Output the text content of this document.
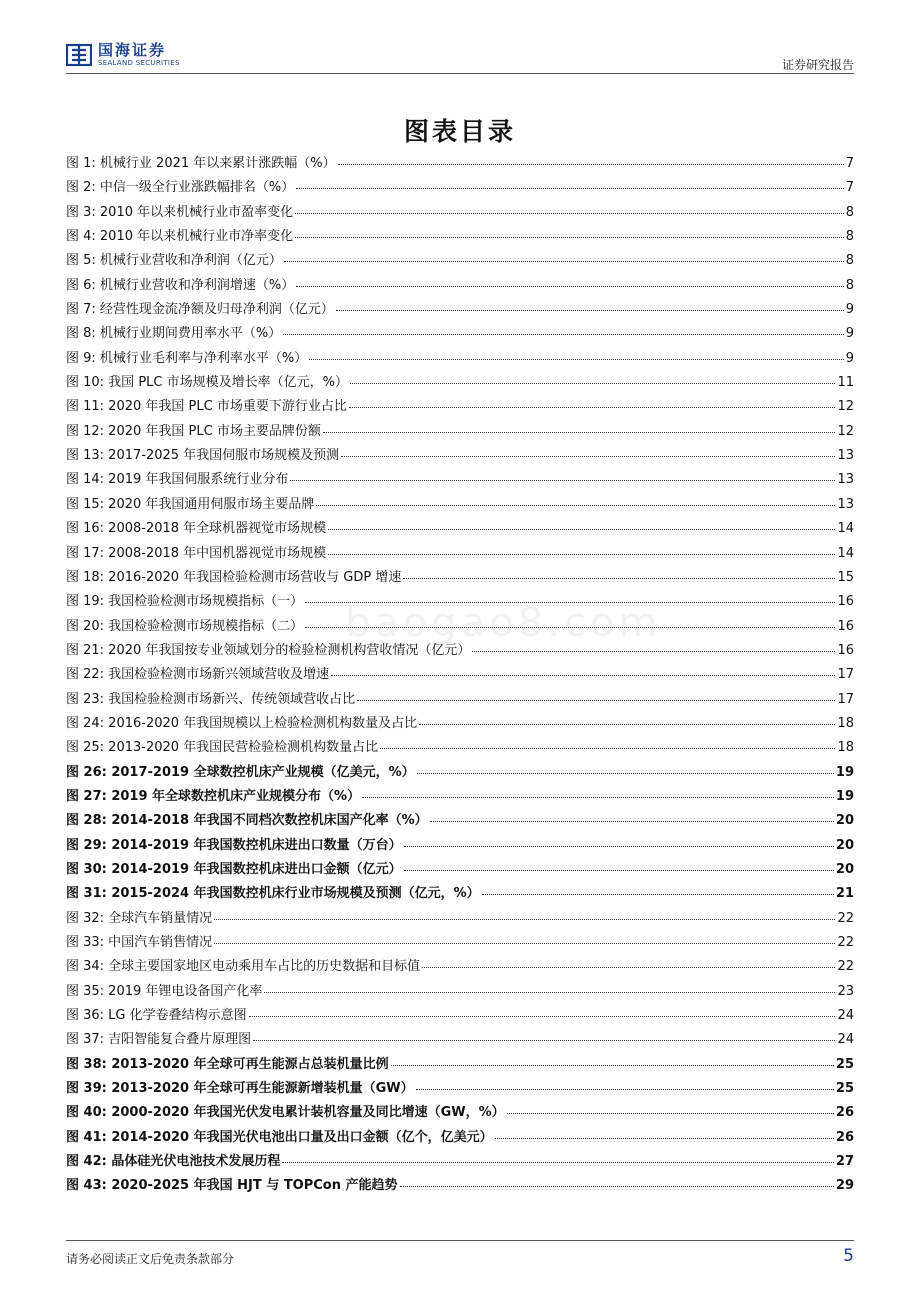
国海证券
SEALAND SECURITIES	证券研究报告
图表目录
baogao8.com
图 1: 机械行业 2021 年以来累计涨跌幅（%）	7
图 2: 中信一级全行业涨跌幅排名（%）	7
图 3: 2010 年以来机械行业市盈率变化	8
图 4: 2010 年以来机械行业市净率变化	8
图 5: 机械行业营收和净利润（亿元）	8
图 6: 机械行业营收和净利润增速（%）	8
图 7: 经营性现金流净额及归母净利润（亿元）	9
图 8: 机械行业期间费用率水平（%）	9
图 9: 机械行业毛利率与净利率水平（%）	9
图 10: 我国 PLC 市场规模及增长率（亿元，%）	11
图 11: 2020 年我国 PLC 市场重要下游行业占比	12
图 12: 2020 年我国 PLC 市场主要品牌份额	12
图 13: 2017-2025 年我国伺服市场规模及预测	13
图 14: 2019 年我国伺服系统行业分布	13
图 15: 2020 年我国通用伺服市场主要品牌	13
图 16: 2008-2018 年全球机器视觉市场规模	14
图 17: 2008-2018 年中国机器视觉市场规模	14
图 18: 2016-2020 年我国检验检测市场营收与 GDP 增速	15
图 19: 我国检验检测市场规模指标（一）	16
图 20: 我国检验检测市场规模指标（二）	16
图 21: 2020 年我国按专业领域划分的检验检测机构营收情况（亿元）	16
图 22: 我国检验检测市场新兴领域营收及增速	17
图 23: 我国检验检测市场新兴、传统领域营收占比	17
图 24: 2016-2020 年我国规模以上检验检测机构数量及占比	18
图 25: 2013-2020 年我国民营检验检测机构数量占比	18
图 26: 2017-2019 全球数控机床产业规模（亿美元，%）	19
图 27: 2019 年全球数控机床产业规模分布（%）	19
图 28: 2014-2018 年我国不同档次数控机床国产化率（%）	20
图 29: 2014-2019 年我国数控机床进出口数量（万台）	20
图 30: 2014-2019 年我国数控机床进出口金额（亿元）	20
图 31: 2015-2024 年我国数控机床行业市场规模及预测（亿元，%）	21
图 32: 全球汽车销量情况	22
图 33: 中国汽车销售情况	22
图 34: 全球主要国家地区电动乘用车占比的历史数据和目标值	22
图 35: 2019 年锂电设备国产化率	23
图 36: LG 化学卷叠结构示意图	24
图 37: 吉阳智能复合叠片原理图	24
图 38: 2013-2020 年全球可再生能源占总装机量比例	25
图 39: 2013-2020 年全球可再生能源新增装机量（GW）	25
图 40: 2000-2020 年我国光伏发电累计装机容量及同比增速（GW，%）	26
图 41: 2014-2020 年我国光伏电池出口量及出口金额（亿个，亿美元）	26
图 42: 晶体硅光伏电池技术发展历程	27
图 43: 2020-2025 年我国 HJT 与 TOPCon 产能趋势	29
请务必阅读正文后免责条款部分	5
